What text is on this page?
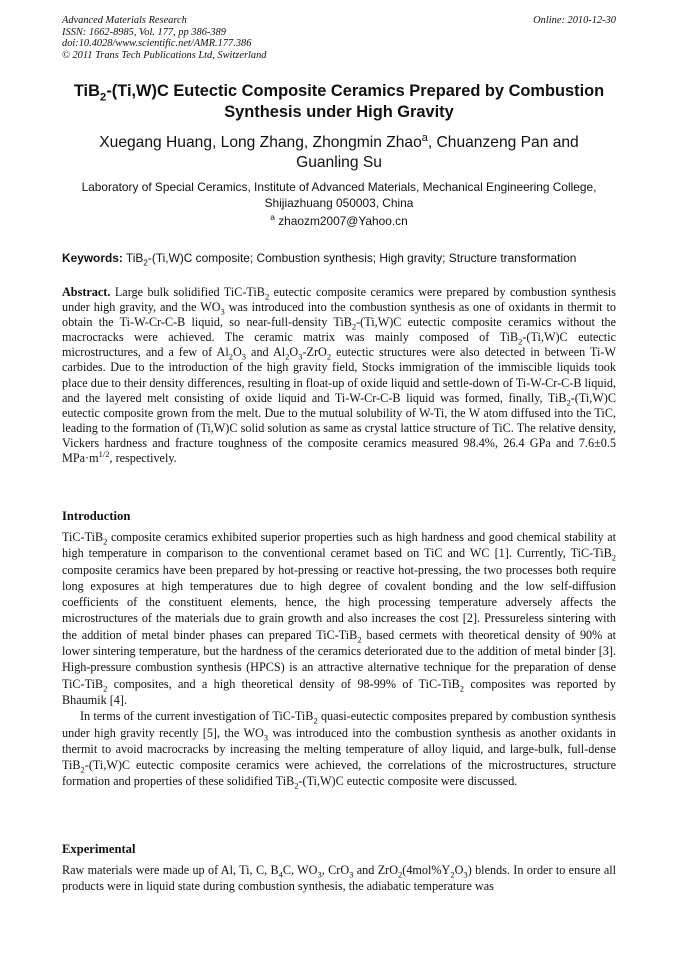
Advanced Materials Research
ISSN: 1662-8985, Vol. 177, pp 386-389
doi:10.4028/www.scientific.net/AMR.177.386
© 2011 Trans Tech Publications Ltd, Switzerland
Online: 2010-12-30
TiB$_2$-(Ti,W)C Eutectic Composite Ceramics Prepared by Combustion
Synthesis under High Gravity
Xuegang Huang, Long Zhang, Zhongmin Zhao$^a$, Chuanzeng Pan and
Guanling Su
Laboratory of Special Ceramics, Institute of Advanced Materials, Mechanical Engineering College,
Shijiazhuang 050003, China
$^a$ zhaozm2007@Yahoo.cn
Keywords: TiB$_2$-(Ti,W)C composite; Combustion synthesis; High gravity; Structure transformation
Abstract. Large bulk solidified TiC-TiB$_2$ eutectic composite ceramics were prepared by combustion synthesis under high gravity, and the $WO_3$ was introduced into the combustion synthesis as one of oxidants in thermit to obtain the Ti-W-Cr-C-B liquid, so near-full-density TiB$_2$-(Ti,W)C eutectic composite ceramics without the macrocracks were achieved. The ceramic matrix was mainly composed of TiB$_2$-(Ti,W)C eutectic microstructures, and a few of $Al_2O_3$ and $Al_2O_3-ZrO_2$ eutectic structures were also detected in between Ti-W carbides. Due to the introduction of the high gravity field, Stocks immigration of the immiscible liquids took place due to their density differences, resulting in float-up of oxide liquid and settle-down of Ti-W-Cr-C-B liquid, and the layered melt consisting of oxide liquid and Ti-W-Cr-C-B liquid was formed, finally, TiB$_2$-(Ti,W)C eutectic composite grown from the melt. Due to the mutual solubility of W-Ti, the W atom diffused into the TiC, leading to the formation of (Ti,W)C solid solution as same as crystal lattice structure of TiC. The relative density, Vickers hardness and fracture toughness of the composite ceramics measured 98.4%, 26.4 GPa and 7.6±0.5 $MPa\cdot m^{1/2}$, respectively.
Introduction

TiC-TiB$_2$ composite ceramics exhibited superior properties such as high hardness and good chemical stability at high temperature in comparison to the conventional ceramet based on TiC and WC [1]. Currently, TiC-TiB$_2$ composite ceramics have been prepared by hot-pressing or reactive hot-pressing, the two processes both require long exposures at high temperatures due to high degree of covalent bonding and the low self-diffusion coefficients of the constituent elements, hence, the high processing temperature adversely affects the microstructures of the materials due to grain growth and also increases the cost [2]. Pressureless sintering with the addition of metal binder phases can prepared TiC-TiB$_2$ based cermets with theoretical density of 90% at lower sintering temperature, but the hardness of the ceramics deteriorated due to the addition of metal binder [3]. High-pressure combustion synthesis (HPCS) is an attractive alternative technique for the preparation of dense TiC-TiB$_2$ composites, and a high theoretical density of 98-99% of TiC-TiB$_2$ composites was reported by Bhaumik [4].

In terms of the current investigation of TiC-TiB$_2$ quasi-eutectic composites prepared by combustion synthesis under high gravity recently [5], the $WO_3$ was introduced into the combustion synthesis as another oxidants in thermit to avoid macrocracks by increasing the melting temperature of alloy liquid, and large-bulk, full-dense TiB$_2$-(Ti,W)C eutectic composite ceramics were achieved, the correlations of the microstructures, structure formation and properties of these solidified TiB$_2$-(Ti,W)C eutectic composite were discussed.

Experimental

Raw materials were made up of Al, Ti, C, $B_4C$, $WO_3$, CrO$_3$ and $ZrO_2(4mol\%Y_2O_3)$ blends. In order to ensure all products were in liquid state during combustion synthesis, the adiabatic temperature was
